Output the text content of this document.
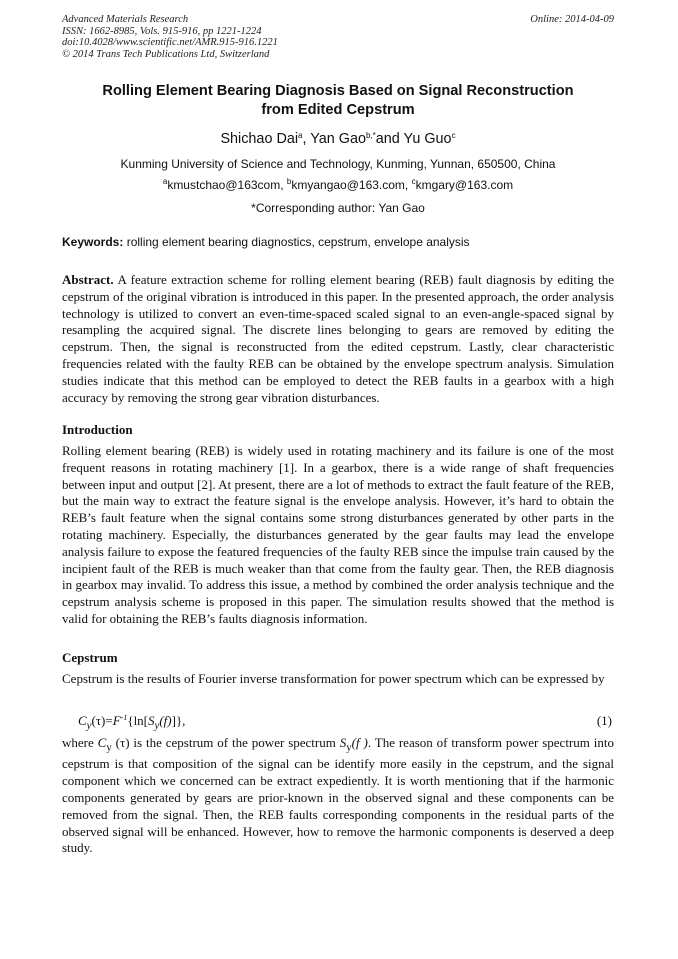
Advanced Materials Research
ISSN: 1662-8985, Vols. 915-916, pp 1221-1224
doi:10.4028/www.scientific.net/AMR.915-916.1221
© 2014 Trans Tech Publications Ltd, Switzerland
Online: 2014-04-09
Rolling Element Bearing Diagnosis Based on Signal Reconstruction
from Edited Cepstrum
Shichao Dai$^a$, Yan Gao$^{b,*}$and Yu Guo$^c$
Kunming University of Science and Technology, Kunming, Yunnan, 650500, China
$^a$kmustchao@163com, $^b$kmyangao@163.com, $^c$kmgary@163.com
*Corresponding author: Yan Gao
Keywords: rolling element bearing diagnostics, cepstrum, envelope analysis
Abstract. A feature extraction scheme for rolling element bearing (REB) fault diagnosis by editing the cepstrum of the original vibration is introduced in this paper. In the presented approach, the order analysis technology is utilized to convert an even-time-spaced scaled signal to an even-angle-spaced signal by resampling the acquired signal. The discrete lines belonging to gears are removed by editing the cepstrum. Then, the signal is reconstructed from the edited cepstrum. Lastly, clear characteristic frequencies related with the faulty REB can be obtained by the envelope spectrum analysis. Simulation studies indicate that this method can be employed to detect the REB faults in a gearbox with a high accuracy by removing the strong gear vibration disturbances.
Introduction
Rolling element bearing (REB) is widely used in rotating machinery and its failure is one of the most frequent reasons in rotating machinery [1]. In a gearbox, there is a wide range of shaft frequencies between input and output [2]. At present, there are a lot of methods to extract the fault feature of the REB, but the main way to extract the feature signal is the envelope analysis. However, it’s hard to obtain the REB’s fault feature when the signal contains some strong disturbances generated by other parts in the rotating machinery. Especially, the disturbances generated by the gear faults may lead the envelope analysis failure to expose the featured frequencies of the faulty REB since the impulse train caused by the incipient fault of the REB is much weaker than that come from the faulty gear. Then, the REB diagnosis in gearbox may invalid. To address this issue, a method by combined the order analysis technique and the cepstrum analysis scheme is proposed in this paper. The simulation results showed that the method is valid for obtaining the REB’s faults diagnosis information.
Cepstrum
Cepstrum is the results of Fourier inverse transformation for power spectrum which can be expressed by
$C_y(\tau)=F^{-1}\{\ln[S_y(f)]\}$,	(1)
where $C_y$ (τ) is the cepstrum of the power spectrum $S_y(f$ ). The reason of transform power spectrum into cepstrum is that composition of the signal can be identify more easily in the cepstrum, and the signal component which we concerned can be extract expediently. It is worth mentioning that if the harmonic components generated by gears are prior-known in the observed signal and these components can be removed from the signal. Then, the REB faults corresponding components in the residual parts of the observed signal will be enhanced. However, how to remove the harmonic components is deserved a deep study.
